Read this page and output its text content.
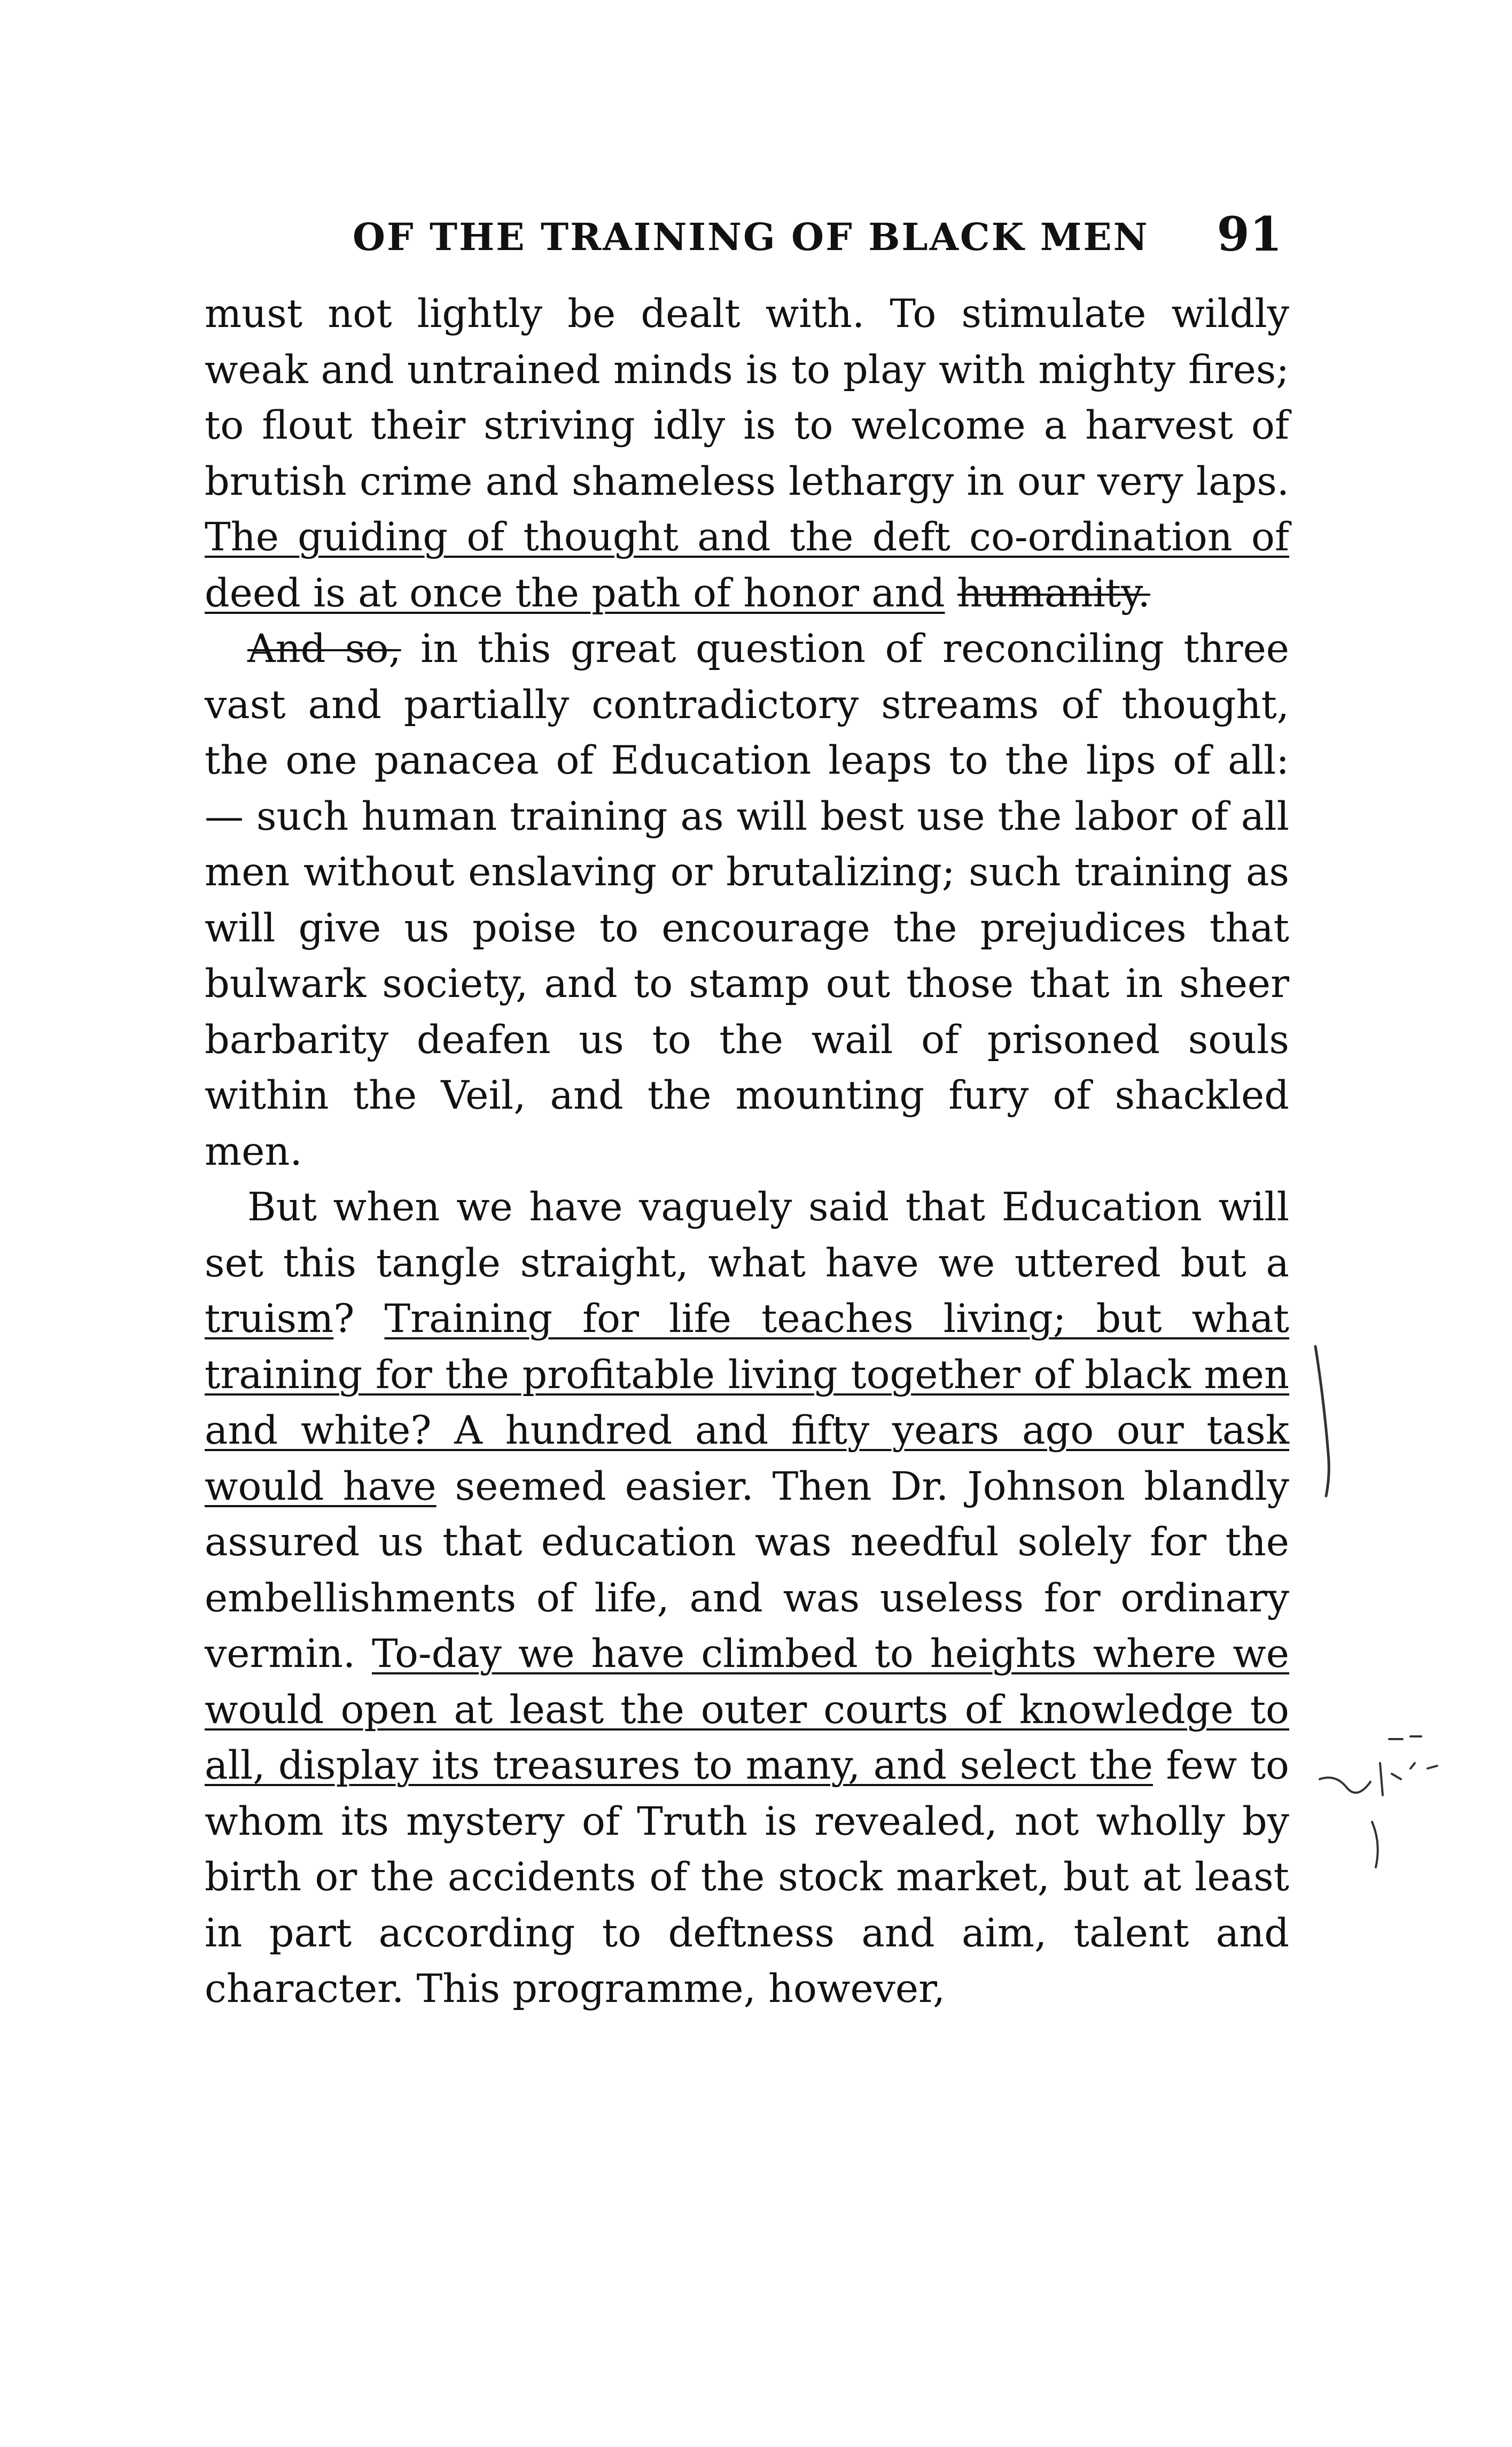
OF THE TRAINING OF BLACK MEN 91

must not lightly be dealt with. To stimulate wildly weak and untrained minds is to play with mighty fires; to flout their striving idly is to welcome a harvest of brutish crime and shameless lethargy in our very laps. The guiding of thought and the deft co-ordination of deed is at once the path of honor and humanity.

And so, in this great question of reconciling three vast and partially contradictory streams of thought, the one panacea of Education leaps to the lips of all: — such human training as will best use the labor of all men without enslaving or brutalizing; such training as will give us poise to encourage the prejudices that bulwark society, and to stamp out those that in sheer barbarity deafen us to the wail of prisoned souls within the Veil, and the mounting fury of shackled men.

But when we have vaguely said that Education will set this tangle straight, what have we uttered but a truism? Training for life teaches living; but what training for the profitable living together of black men and white? A hundred and fifty years ago our task would have seemed easier. Then Dr. Johnson blandly assured us that education was needful solely for the embellishments of life, and was useless for ordinary vermin. To-day we have climbed to heights where we would open at least the outer courts of knowledge to all, display its treasures to many, and select the few to whom its mystery of Truth is revealed, not wholly by birth or the accidents of the stock market, but at least in part according to deftness and aim, talent and character. This programme, however,
